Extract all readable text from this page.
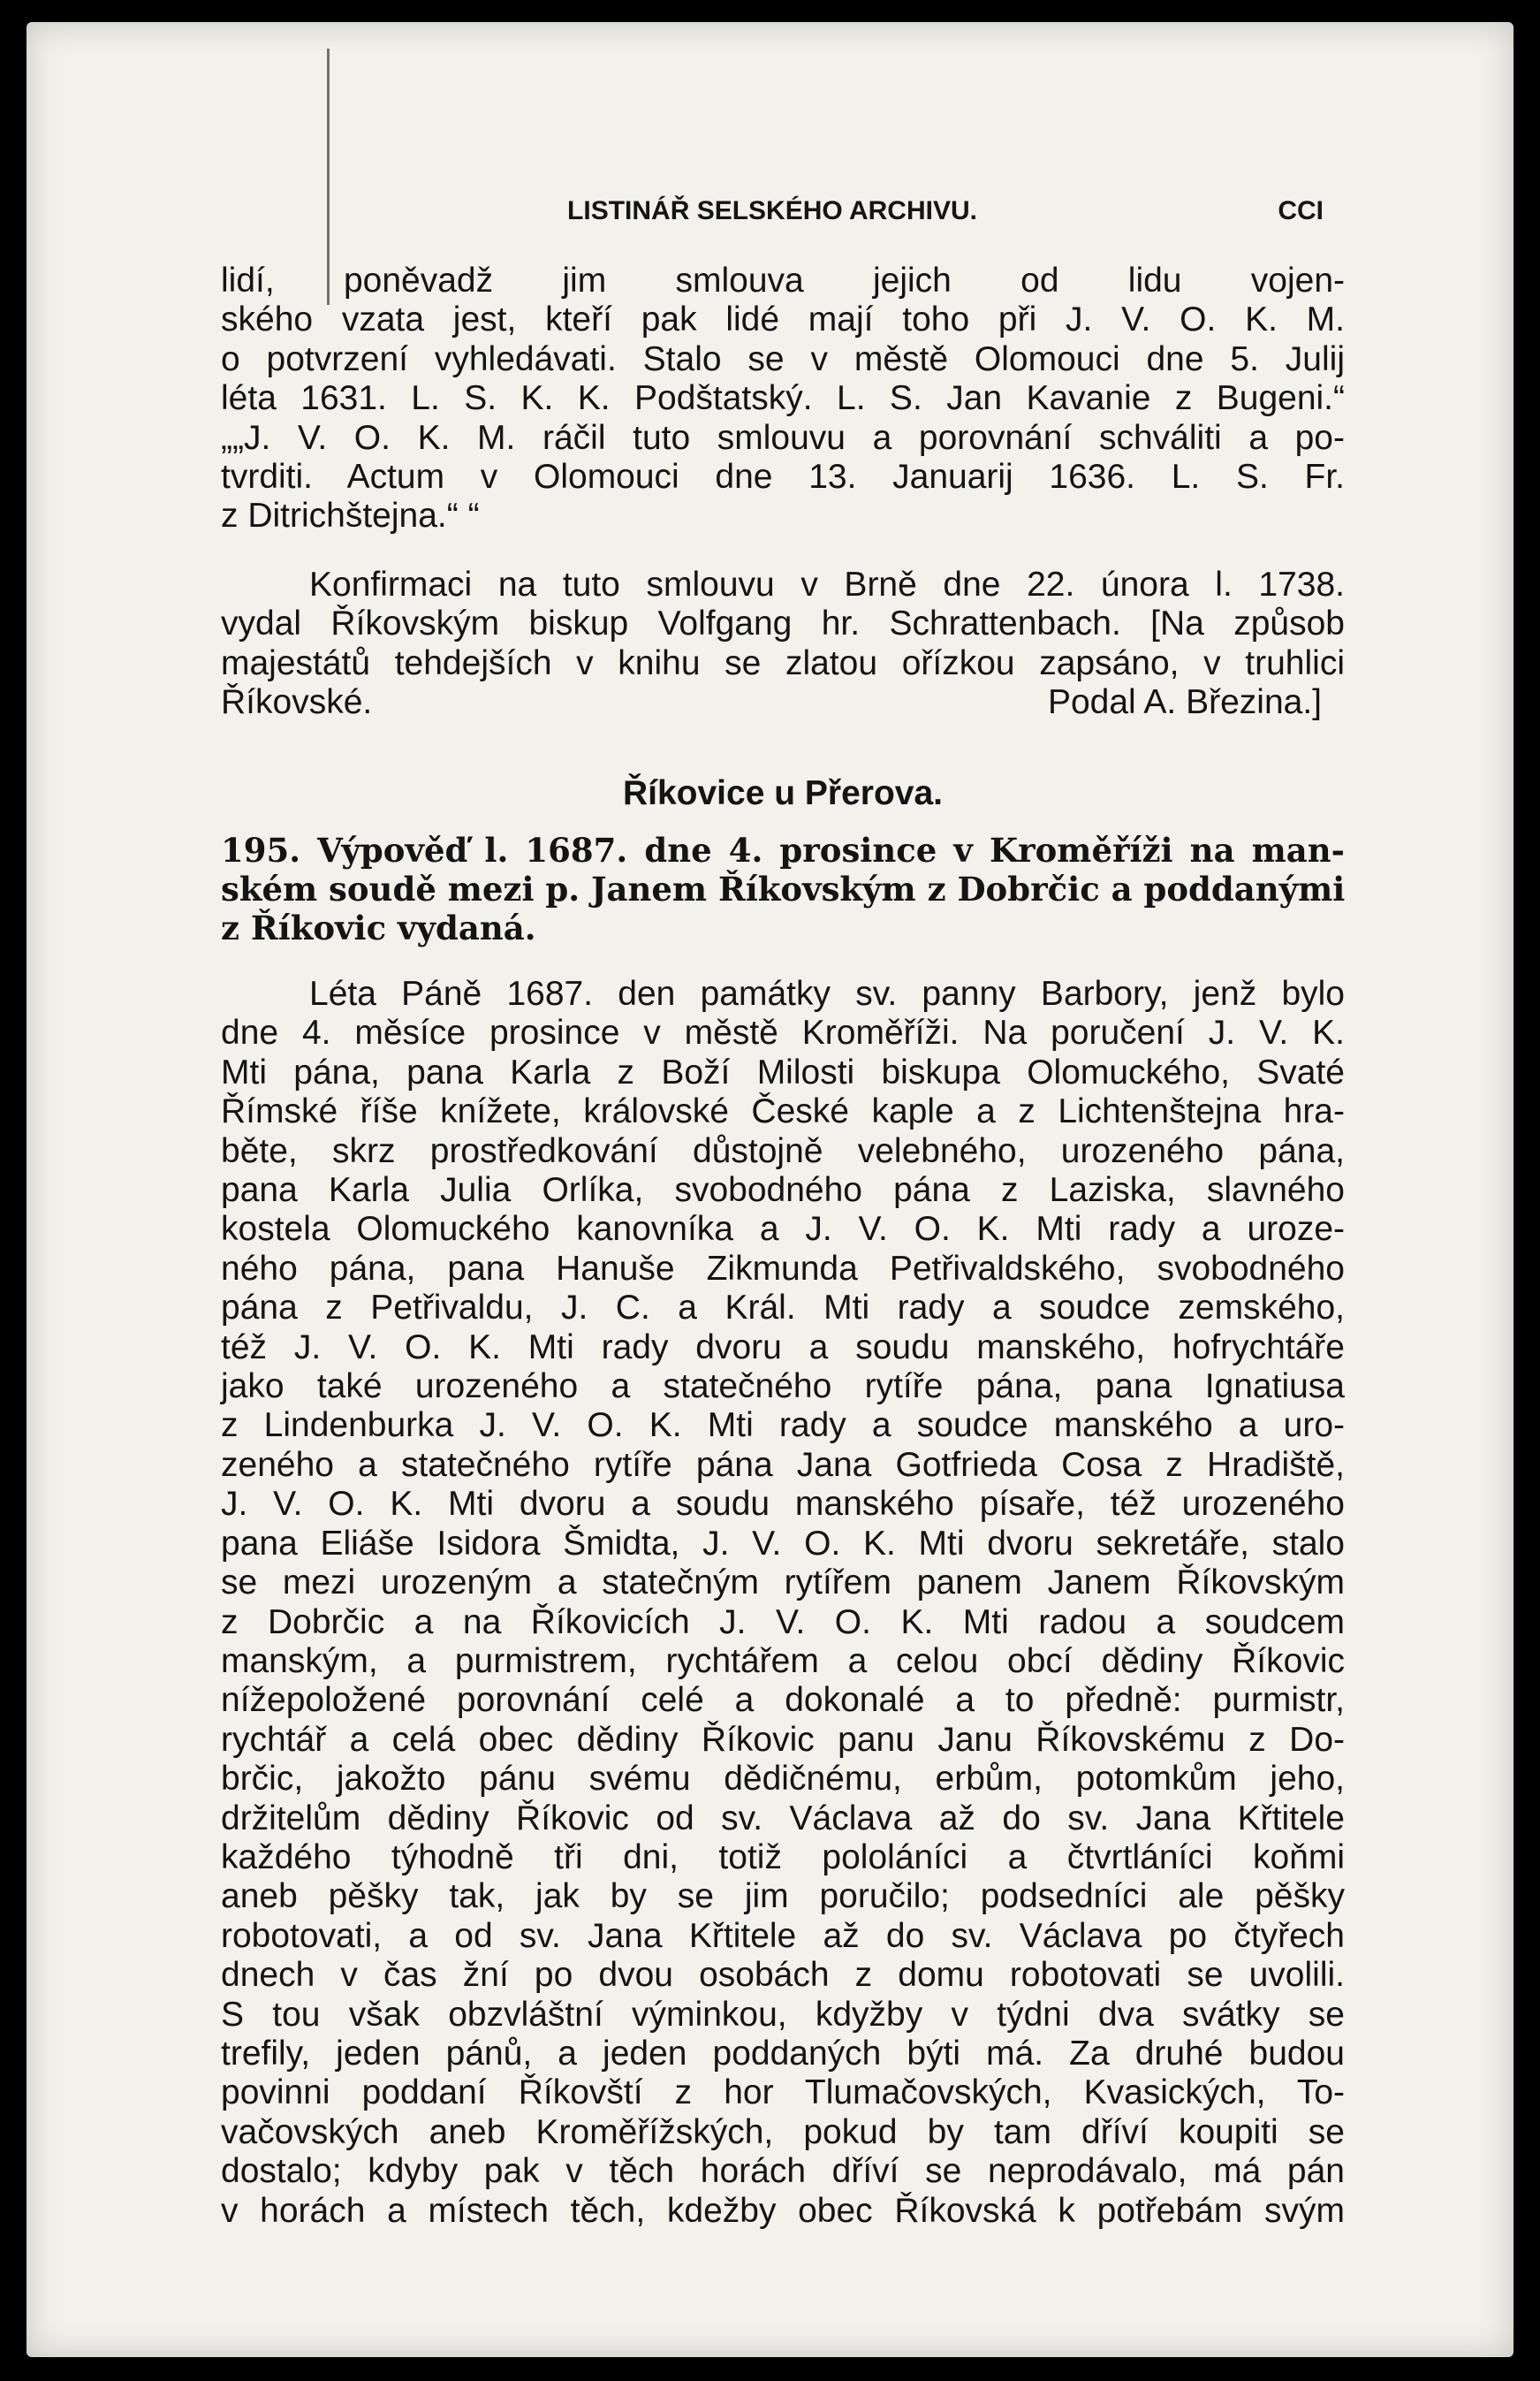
LISTINÁŘ SELSKÉHO ARCHIVU.	CCI
lidí, poněvadž jim smlouva jejich od lidu vojen-
ského vzata jest, kteří pak lidé mají toho při J. V. O. K. M.
o potvrzení vyhledávati. Stalo se v městě Olomouci dne 5. Julij
léta 1631. L. S. K. K. Podštatský. L. S. Jan Kavanie z Bugeni.“
„„J. V. O. K. M. ráčil tuto smlouvu a porovnání schváliti a po-
tvrditi. Actum v Olomouci dne 13. Januarij 1636. L. S. Fr.
z Ditrichštejna.“ “
Konfirmaci na tuto smlouvu v Brně dne 22. února l. 1738.
vydal Říkovským biskup Volfgang hr. Schrattenbach. [Na způsob
majestátů tehdejších v knihu se zlatou ořízkou zapsáno, v truhlici
Říkovské.	Podal A. Březina.]
Říkovice u Přerova.
195. Výpověď l. 1687. dne 4. prosince v Kroměříži na man-
ském soudě mezi p. Janem Říkovským z Dobrčic a poddanými
z Říkovic vydaná.
Léta Páně 1687. den památky sv. panny Barbory, jenž bylo
dne 4. měsíce prosince v městě Kroměříži. Na poručení J. V. K.
Mti pána, pana Karla z Boží Milosti biskupa Olomuckého, Svaté
Římské říše knížete, královské České kaple a z Lichtenštejna hra-
běte, skrz prostředkování důstojně velebného, urozeného pána,
pana Karla Julia Orlíka, svobodného pána z Laziska, slavného
kostela Olomuckého kanovníka a J. V. O. K. Mti rady a uroze-
ného pána, pana Hanuše Zikmunda Petřivaldského, svobodného
pána z Petřivaldu, J. C. a Král. Mti rady a soudce zemského,
též J. V. O. K. Mti rady dvoru a soudu manského, hofrychtáře
jako také urozeného a statečného rytíře pána, pana Ignatiusa
z Lindenburka J. V. O. K. Mti rady a soudce manského a uro-
zeného a statečného rytíře pána Jana Gotfrieda Cosa z Hradiště,
J. V. O. K. Mti dvoru a soudu manského písaře, též urozeného
pana Eliáše Isidora Šmidta, J. V. O. K. Mti dvoru sekretáře, stalo
se mezi urozeným a statečným rytířem panem Janem Říkovským
z Dobrčic a na Říkovicích J. V. O. K. Mti radou a soudcem
manským, a purmistrem, rychtářem a celou obcí dědiny Říkovic
nížepoložené porovnání celé a dokonalé a to předně: purmistr,
rychtář a celá obec dědiny Říkovic panu Janu Říkovskému z Do-
brčic, jakožto pánu svému dědičnému, erbům, potomkům jeho,
držitelům dědiny Říkovic od sv. Václava až do sv. Jana Křtitele
každého týhodně tři dni, totiž pololáníci a čtvrtláníci koňmi
aneb pěšky tak, jak by se jim poručilo; podsedníci ale pěšky
robotovati, a od sv. Jana Křtitele až do sv. Václava po čtyřech
dnech v čas žní po dvou osobách z domu robotovati se uvolili.
S tou však obzvláštní výminkou, kdyžby v týdni dva svátky se
trefily, jeden pánů, a jeden poddaných býti má. Za druhé budou
povinni poddaní Říkovští z hor Tlumačovských, Kvasických, To-
vačovských aneb Kroměřížských, pokud by tam dříví koupiti se
dostalo; kdyby pak v těch horách dříví se neprodávalo, má pán
v horách a místech těch, kdežby obec Říkovská k potřebám svým
